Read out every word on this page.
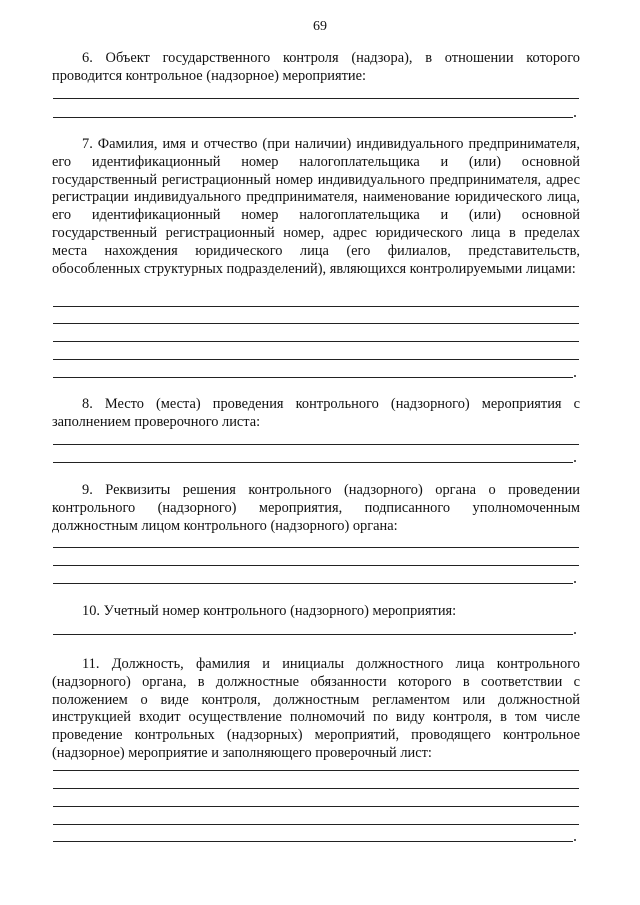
69

6. Объект государственного контроля (надзора), в отношении которого проводится контрольное (надзорное) мероприятие:

7. Фамилия, имя и отчество (при наличии) индивидуального предпринимателя, его идентификационный номер налогоплательщика и (или) основной государственный регистрационный номер индивидуального предпринимателя, адрес регистрации индивидуального предпринимателя, наименование юридического лица, его идентификационный номер налогоплательщика и (или) основной государственный регистрационный номер, адрес юридического лица в пределах места нахождения юридического лица (его филиалов, представительств, обособленных структурных подразделений), являющихся контролируемыми лицами:

8. Место (места) проведения контрольного (надзорного) мероприятия с заполнением проверочного листа:

9. Реквизиты решения контрольного (надзорного) органа о проведении контрольного (надзорного) мероприятия, подписанного уполномоченным должностным лицом контрольного (надзорного) органа:

10. Учетный номер контрольного (надзорного) мероприятия:

11. Должность, фамилия и инициалы должностного лица контрольного (надзорного) органа, в должностные обязанности которого в соответствии с положением о виде контроля, должностным регламентом или должностной инструкцией входит осуществление полномочий по виду контроля, в том числе проведение контрольных (надзорных) мероприятий, проводящего контрольное (надзорное) мероприятие и заполняющего проверочный лист:
